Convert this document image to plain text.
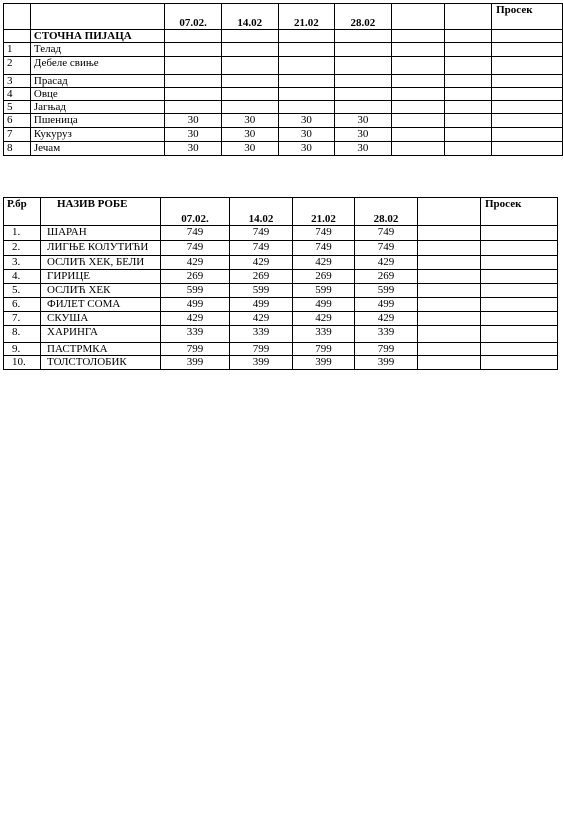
		07.02.	14.02	21.02	28.02			Просек
	СТОЧНА ПИЈАЦА							
1	Телад							
2	Дебеле свиње							
3	Прасад							
4	Овце							
5	Јагњад							
6	Пшеница	30	30	30	30			
7	Кукуруз	30	30	30	30			
8	Јечам	30	30	30	30			
Р.бр	НАЗИВ РОБЕ	07.02.	14.02	21.02	28.02		Просек
1.	ШАРАН	749	749	749	749		
2.	ЛИГЊЕ КОЛУТИЋИ	749	749	749	749		
3.	ОСЛИЋ ХЕК, БЕЛИ	429	429	429	429		
4.	ГИРИЦЕ	269	269	269	269		
5.	ОСЛИЋ ХЕК	599	599	599	599		
6.	ФИЛЕТ СОМА	499	499	499	499		
7.	СКУША	429	429	429	429		
8.	ХАРИНГА	339	339	339	339		
9.	ПАСТРМКА	799	799	799	799		
10.	ТОЛСТОЛОБИК	399	399	399	399		
